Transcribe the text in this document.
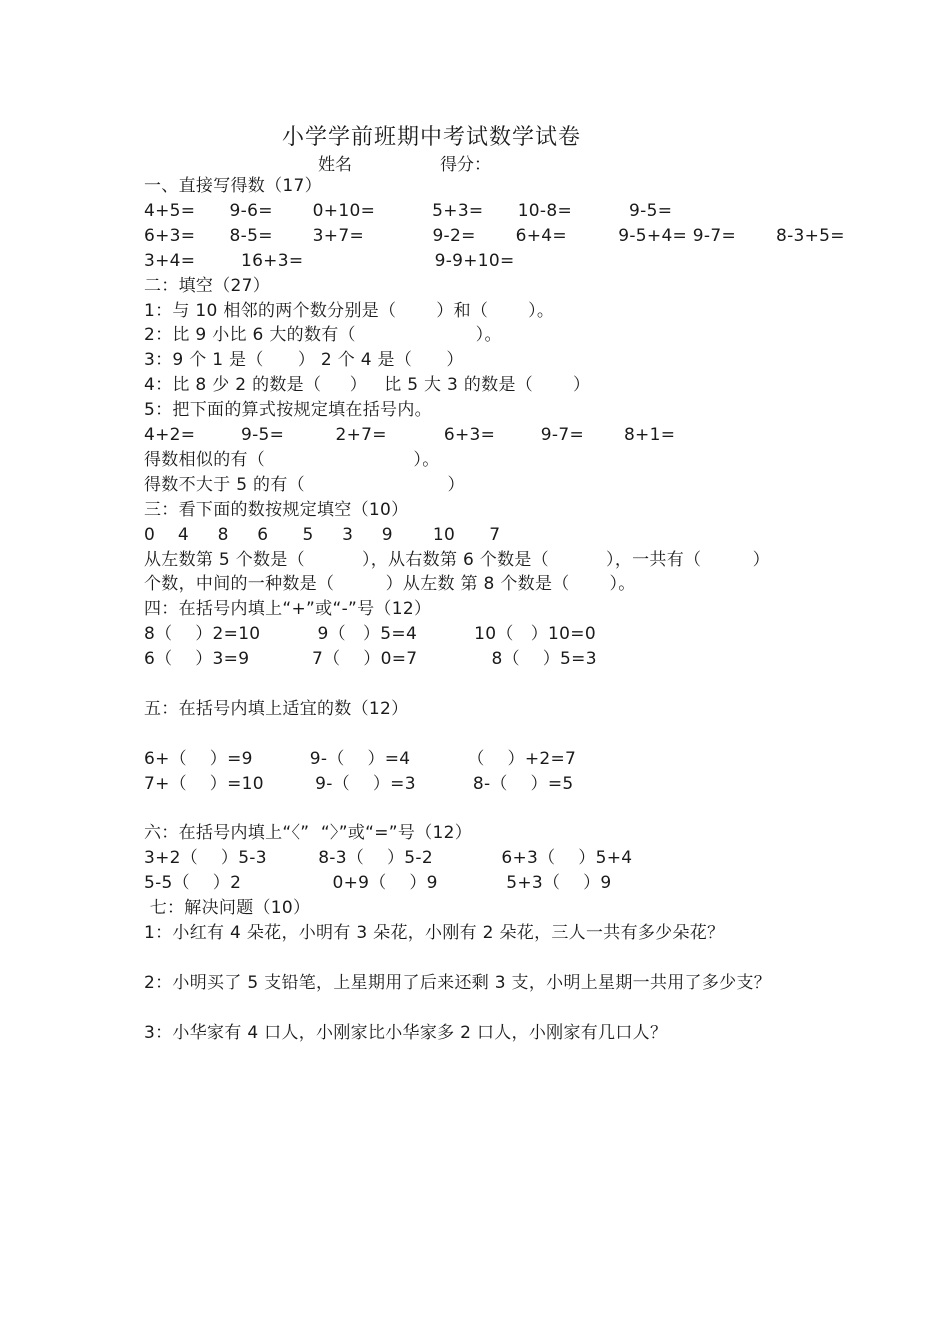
小学学前班期中考试数学试卷
姓名	得分：
一、直接写得数（17）
4+5=      9-6=       0+10=          5+3=      10-8=          9-5=
6+3=      8-5=       3+7=            9-2=       6+4=         9-5+4= 9-7=       8-3+5=
3+4=        16+3=                       9-9+10=
二：填空（27）
1：与 10 相邻的两个数分别是（       ）和（       ）。
2：比 9 小比 6 大的数有（                     ）。
3：9 个 1 是（      ） 2 个 4 是（      ）
4：比 8 少 2 的数是（     ）   比 5 大 3 的数是（       ）
5：把下面的算式按规定填在括号内。
4+2=        9-5=         2+7=          6+3=        9-7=       8+1=
得数相似的有（                          ）。
得数不大于 5 的有（                         ）
三：看下面的数按规定填空（10）
0    4     8     6      5     3     9       10      7
从左数第 5 个数是（          ），从右数第 6 个数是（          ），一共有（         ）
个数，中间的一种数是（         ）从左数 第 8 个数是（       ）。
四：在括号内填上“+”或“-”号（12）
8（    ）2=10          9（   ）5=4          10（   ）10=0
6（    ）3=9           7（    ）0=7             8（    ）5=3
五：在括号内填上适宜的数（12）
6+（    ）=9          9-（    ）=4          （    ）+2=7
7+（    ）=10         9-（    ）=3          8-（    ）=5
六：在括号内填上“〈”  “〉”或“=”号（12）
3+2（    ）5-3         8-3（    ）5-2            6+3（    ）5+4
5-5（    ）2                0+9（    ）9            5+3（    ）9
七：解决问题（10）
1：小红有 4 朵花，小明有 3 朵花，小刚有 2 朵花，三人一共有多少朵花？
2：小明买了 5 支铅笔，上星期用了后来还剩 3 支，小明上星期一共用了多少支？
3：小华家有 4 口人，小刚家比小华家多 2 口人，小刚家有几口人？
